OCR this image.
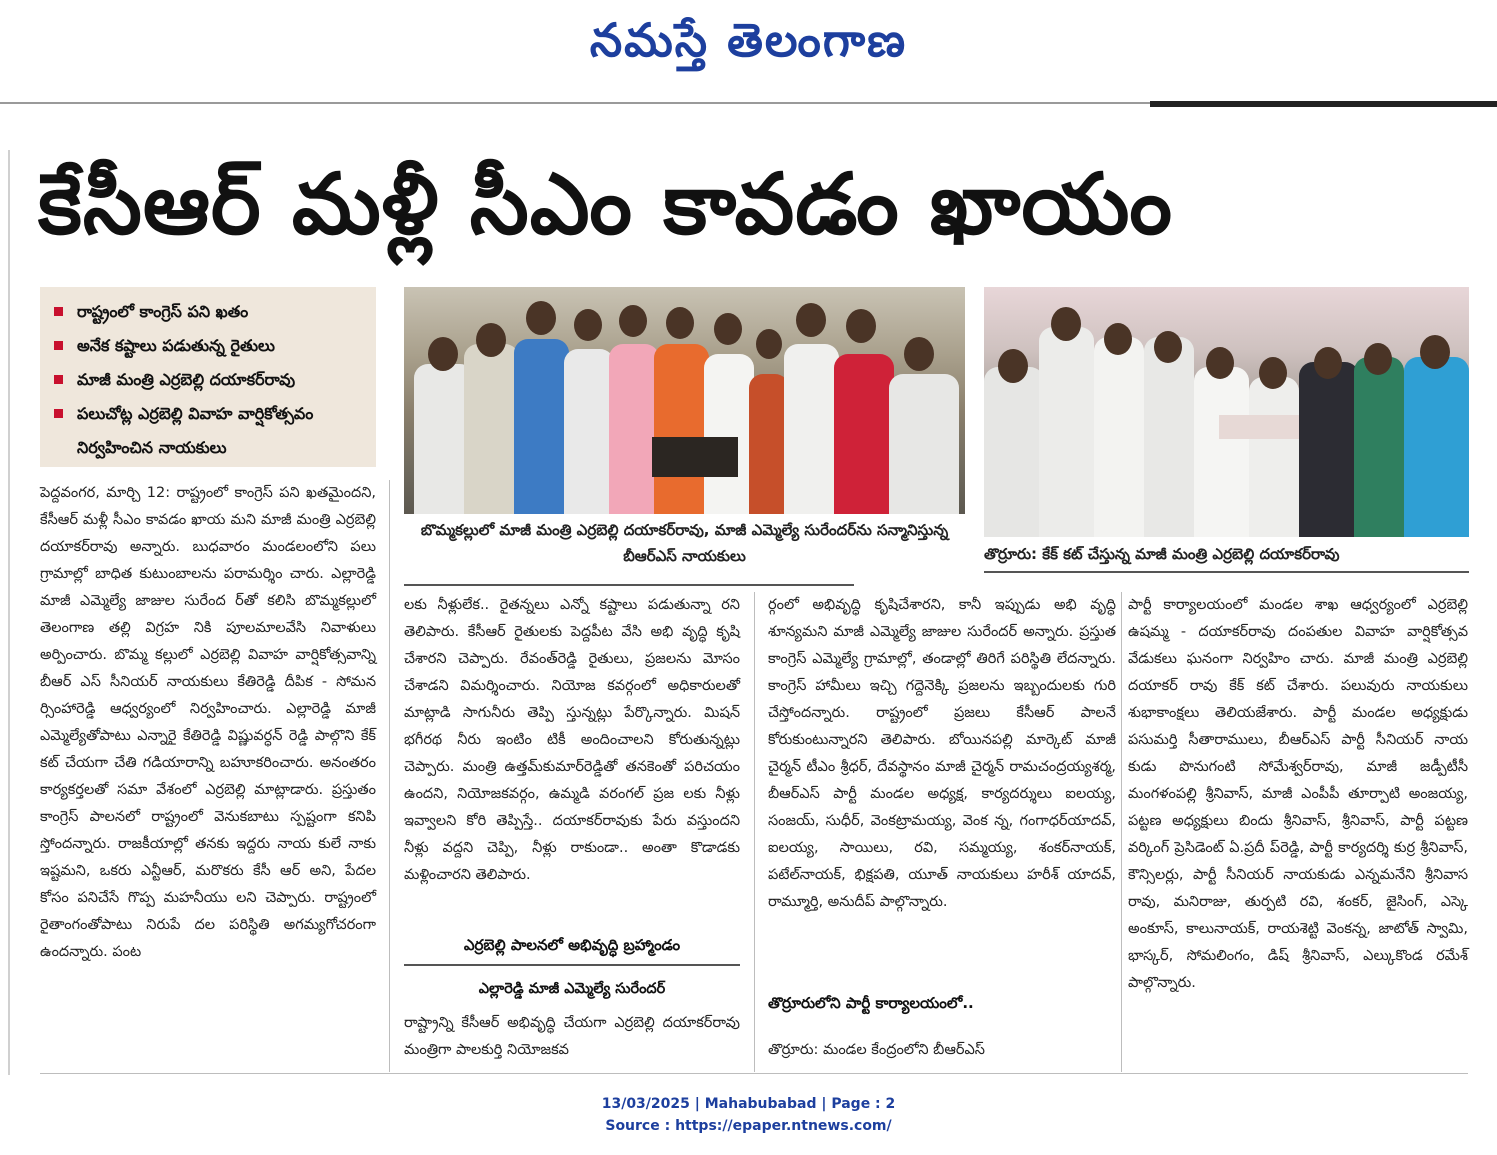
నమస్తే తెలంగాణ
కేసీఆర్ మళ్లీ సీఎం కావడం ఖాయం
రాష్ట్రంలో కాంగ్రెస్ పని ఖతం
అనేక కష్టాలు పడుతున్న రైతులు
మాజీ మంత్రి ఎర్రబెల్లి దయాకర్‌రావు
పలుచోట్ల ఎర్రబెల్లి వివాహ వార్షికోత్సవం
నిర్వహించిన నాయకులు
బొమ్మకల్లులో మాజీ మంత్రి ఎర్రబెల్లి దయాకర్‌రావు, మాజీ ఎమ్మెల్యే సురేందర్‌ను సన్మానిస్తున్న బీఆర్ఎస్ నాయకులు	తొర్రూరు: కేక్ కట్ చేస్తున్న మాజీ మంత్రి ఎర్రబెల్లి దయాకర్‌రావు

పెద్దవంగర, మార్చి 12: రాష్ట్రంలో కాంగ్రెస్ పని ఖతమైందని, కేసీఆర్ మళ్లీ సీఎం కావడం ఖాయ మని మాజీ మంత్రి ఎర్రబెల్లి దయాకర్‌రావు అన్నారు. బుధవారం మండలంలోని పలు గ్రామాల్లో బాధిత కుటుంబాలను పరామర్శిం చారు. ఎల్లారెడ్డి మాజీ ఎమ్మెల్యే జాజుల సురేంద ర్‌తో కలిసి బొమ్మకల్లులో తెలంగాణ తల్లి విగ్రహ నికి పూలమాలవేసి నివాళులు అర్పించారు. బొమ్మ కల్లులో ఎర్రబెల్లి వివాహ వార్షికోత్సవాన్ని బీఆర్ ఎస్ సీనియర్ నాయకులు కేతిరెడ్డి దీపిక - సోమన ర్సింహారెడ్డి ఆధ్వర్యంలో నిర్వహించారు. ఎల్లారెడ్డి మాజీ ఎమ్మెల్యేతోపాటు ఎన్నారై కేతిరెడ్డి విష్ణువర్ధన్ రెడ్డి పాల్గొని కేక్ కట్ చేయగా చేతి గడియారాన్ని బహూకరించారు. అనంతరం కార్యకర్తలతో సమా వేశంలో ఎర్రబెల్లి మాట్లాడారు. ప్రస్తుతం కాంగ్రెస్ పాలనలో రాష్ట్రంలో వెనుకబాటు స్పష్టంగా కనిపి స్తోందన్నారు. రాజకీయాల్లో తనకు ఇద్దరు నాయ కులే నాకు ఇష్టమని, ఒకరు ఎన్టీఆర్, మరొకరు కేసీ ఆర్ అని, పేదల కోసం పనిచేసే గొప్ప మహనీయు లని చెప్పారు. రాష్ట్రంలో రైతాంగంతోపాటు నిరుపే దల పరిస్థితి అగమ్యగోచరంగా ఉందన్నారు. పంట

లకు నీళ్లులేక.. రైతన్నలు ఎన్నో కష్టాలు పడుతున్నా రని తెలిపారు. కేసీఆర్ రైతులకు పెద్దపీట వేసి అభి వృద్ధి కృషి చేశారని చెప్పారు. రేవంత్‌రెడ్డి రైతులు, ప్రజలను మోసం చేశాడని విమర్శించారు. నియోజ కవర్గంలో అధికారులతో మాట్లాడి సాగునీరు తెప్పి స్తున్నట్లు పేర్కొన్నారు. మిషన్ భగీరథ నీరు ఇంటిం టికీ అందించాలని కోరుతున్నట్లు చెప్పారు. మంత్రి ఉత్తమ్‌కుమార్‌రెడ్డితో తనకెంతో పరిచయం ఉందని, నియోజకవర్గం, ఉమ్మడి వరంగల్ ప్రజ లకు నీళ్లు ఇవ్వాలని కోరి తెప్పిస్తే.. దయాకర్‌రావుకు పేరు వస్తుందని నీళ్లు వద్దని చెప్పి, నీళ్లు రాకుండా.. అంతా కొడాడకు మళ్లించారని తెలిపారు.

ఎర్రబెల్లి పాలనలో అభివృద్ధి బ్రహ్మాండం
ఎల్లారెడ్డి మాజీ ఎమ్మెల్యే సురేందర్
రాష్ట్రాన్ని కేసీఆర్ అభివృద్ధి చేయగా ఎర్రబెల్లి దయాకర్‌రావు మంత్రిగా పాలకుర్తి నియోజకవ

ర్గంలో అభివృద్ధి కృషిచేశారని, కానీ ఇప్పుడు అభి వృద్ధి శూన్యమని మాజీ ఎమ్మెల్యే జాజుల సురేందర్ అన్నారు. ప్రస్తుత కాంగ్రెస్ ఎమ్మెల్యే గ్రామాల్లో, తండాల్లో తిరిగే పరిస్థితి లేదన్నారు. కాంగ్రెస్ హామీలు ఇచ్చి గద్దెనెక్కి ప్రజలను ఇబ్బందులకు గురి చేస్తోందన్నారు. రాష్ట్రంలో ప్రజలు కేసీఆర్ పాలనే కోరుకుంటున్నారని తెలిపారు. బోయినపల్లి మార్కెట్ మాజీ చైర్మన్ టీఎం శ్రీధర్, దేవస్థానం మాజీ చైర్మన్ రామచంద్రయ్యశర్మ, బీఆర్ఎస్ పార్టీ మండల అధ్యక్ష, కార్యదర్శులు ఐలయ్య, సంజయ్, సుధీర్, వెంకట్రామయ్య, వెంక న్న, గంగాధర్‌యాదవ్, ఐలయ్య, సాయిలు, రవి, సమ్మయ్య, శంకర్‌నాయక్, పటేల్‌నాయక్, భిక్షపతి, యూత్ నాయకులు హరీశ్ యాదవ్, రామ్మూర్తి, అనుదీప్ పాల్గొన్నారు.

తొర్రూరులోని పార్టీ కార్యాలయంలో..
తొర్రూరు: మండల కేంద్రంలోని బీఆర్ఎస్

పార్టీ కార్యాలయంలో మండల శాఖ ఆధ్వర్యంలో ఎర్రబెల్లి ఉషమ్మ - దయాకర్‌రావు దంపతుల వివాహ వార్షికోత్సవ వేడుకలు ఘనంగా నిర్వహిం చారు. మాజీ మంత్రి ఎర్రబెల్లి దయాకర్ రావు కేక్ కట్ చేశారు. పలువురు నాయకులు శుభాకాంక్షలు తెలియజేశారు. పార్టీ మండల అధ్యక్షుడు పసుమర్తి సీతారాములు, బీఆర్ఎస్ పార్టీ సీనియర్ నాయ కుడు పొనుగంటి సోమేశ్వర్‌రావు, మాజీ జడ్పీటీసీ మంగళంపల్లి శ్రీనివాస్, మాజీ ఎంపీపీ తూర్పాటి అంజయ్య, పట్టణ అధ్యక్షులు బిందు శ్రీనివాస్, శ్రీనివాస్, పార్టీ పట్టణ వర్కింగ్ ప్రెసిడెంట్ ఏ.ప్రదీ ప్‌రెడ్డి, పార్టీ కార్యదర్శి కుర్ర శ్రీనివాస్, కౌన్సిలర్లు, పార్టీ సీనియర్ నాయకుడు ఎన్నమనేని శ్రీనివాస రావు, మనిరాజు, తుర్పటి రవి, శంకర్, జైసింగ్, ఎస్కె అంకూస్, కాలునాయక్, రాయశెట్టి వెంకన్న, జాటోత్ స్వామి, భాస్కర్, సోమలింగం, డిష్ శ్రీనివాస్, ఎల్కుకొండ రమేశ్ పాల్గొన్నారు.

13/03/2025 | Mahabubabad | Page : 2
Source : https://epaper.ntnews.com/
